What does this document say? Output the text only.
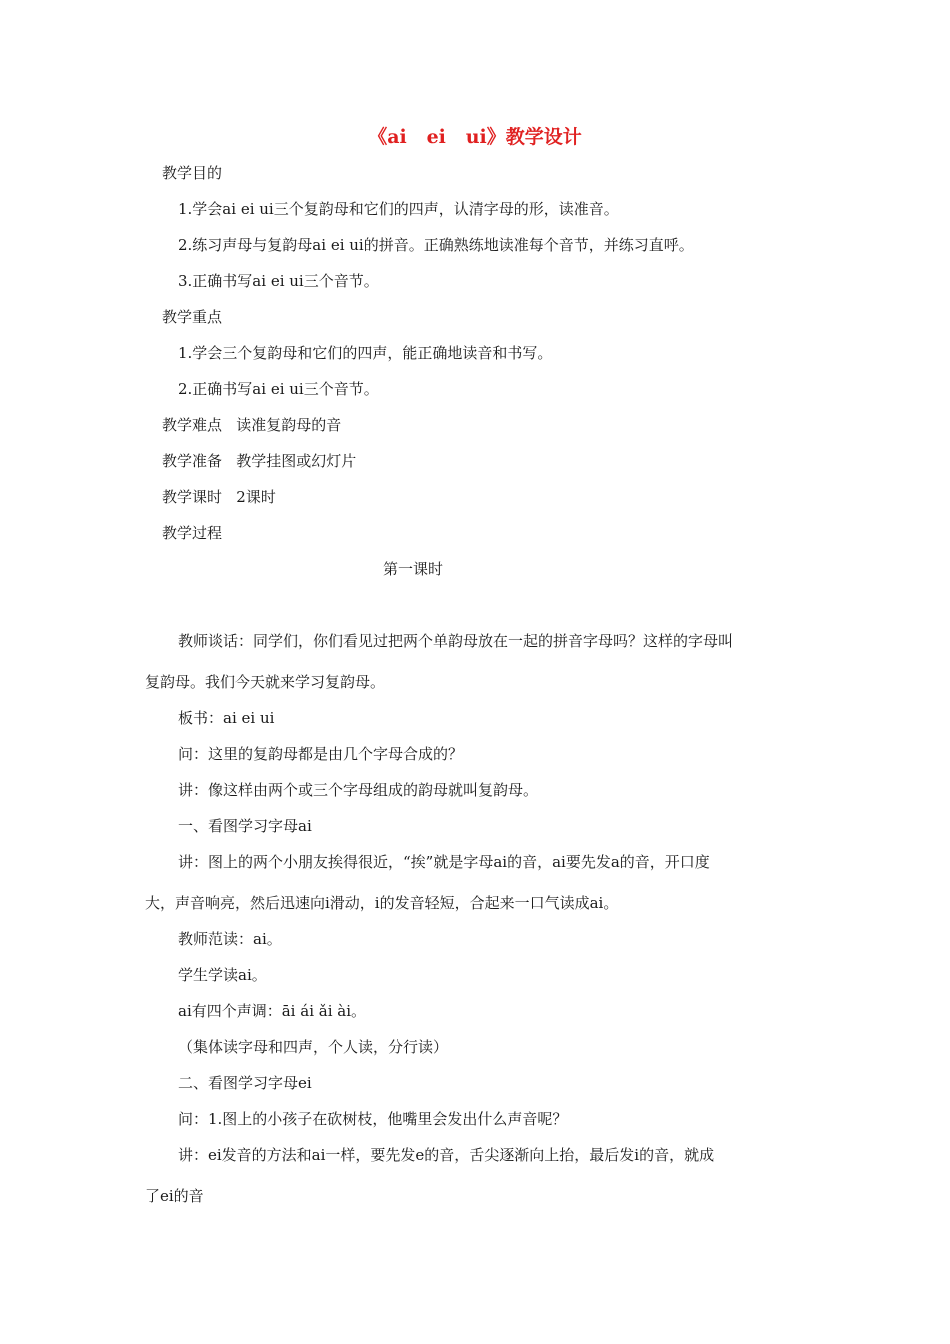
《ai   ei   ui》教学设计
教学目的
1.学会ai ei ui三个复韵母和它们的四声，认清字母的形，读准音。
2.练习声母与复韵母ai ei ui的拼音。正确熟练地读准每个音节，并练习直呼。
3.正确书写ai ei ui三个音节。
教学重点
1.学会三个复韵母和它们的四声，能正确地读音和书写。
2.正确书写ai ei ui三个音节。
教学难点   读准复韵母的音
教学准备   教学挂图或幻灯片
教学课时   2课时
教学过程
第一课时
教师谈话：同学们，你们看见过把两个单韵母放在一起的拼音字母吗？这样的字母叫
复韵母。我们今天就来学习复韵母。
板书：ai ei ui
问：这里的复韵母都是由几个字母合成的？
讲：像这样由两个或三个字母组成的韵母就叫复韵母。
一、看图学习字母ai
讲：图上的两个小朋友挨得很近，“挨”就是字母ai的音，ai要先发a的音，开口度
大，声音响亮，然后迅速向i滑动，i的发音轻短，合起来一口气读成ai。
教师范读：ai。
学生学读ai。
ai有四个声调：āi ái ǎi ài。
（集体读字母和四声，个人读，分行读）
二、看图学习字母ei
问：1.图上的小孩子在砍树枝，他嘴里会发出什么声音呢？
讲：ei发音的方法和ai一样，要先发e的音，舌尖逐渐向上抬，最后发i的音，就成
了ei的音
